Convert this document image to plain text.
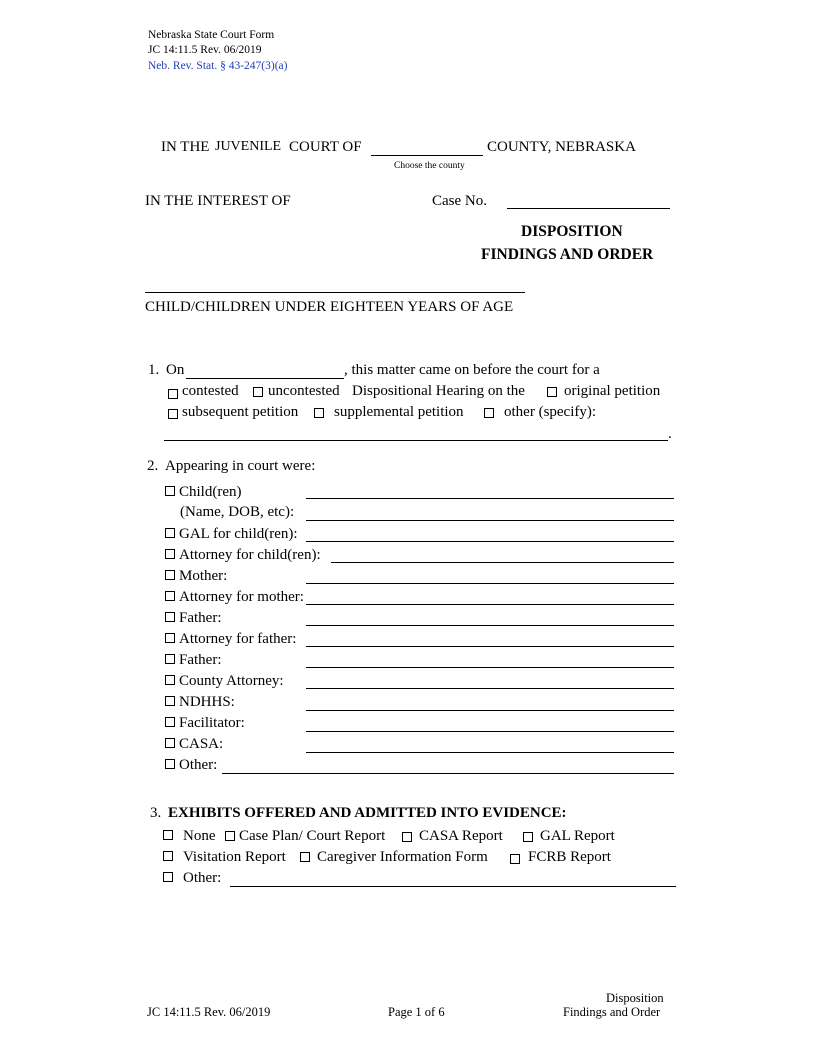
Nebraska State Court Form
JC 14:11.5 Rev. 06/2019
Neb. Rev. Stat. § 43-247(3)(a)
IN THE JUVENILE COURT OF	COUNTY, NEBRASKA
Choose the county
IN THE INTEREST OF	Case No.
DISPOSITION
FINDINGS AND ORDER
CHILD/CHILDREN UNDER EIGHTEEN YEARS OF AGE
1. On	, this matter came on before the court for a
contested uncontested Dispositional Hearing on the	original petition
subsequent petition supplemental petition	other (specify):
.
2. Appearing in court were:
Child(ren)
(Name, DOB, etc):
GAL for child(ren):
Attorney for child(ren):
Mother:
Attorney for mother:
Father:
Attorney for father:
Father:
County Attorney:
NDHHS:
Facilitator:
CASA:
Other:
3. EXHIBITS OFFERED AND ADMITTED INTO EVIDENCE:
None Case Plan/ Court Report CASA Report GAL Report
Visitation Report Caregiver Information Form	FCRB Report
Other:
JC 14:11.5 Rev. 06/2019	Page 1 of 6
Disposition
Findings and Order
